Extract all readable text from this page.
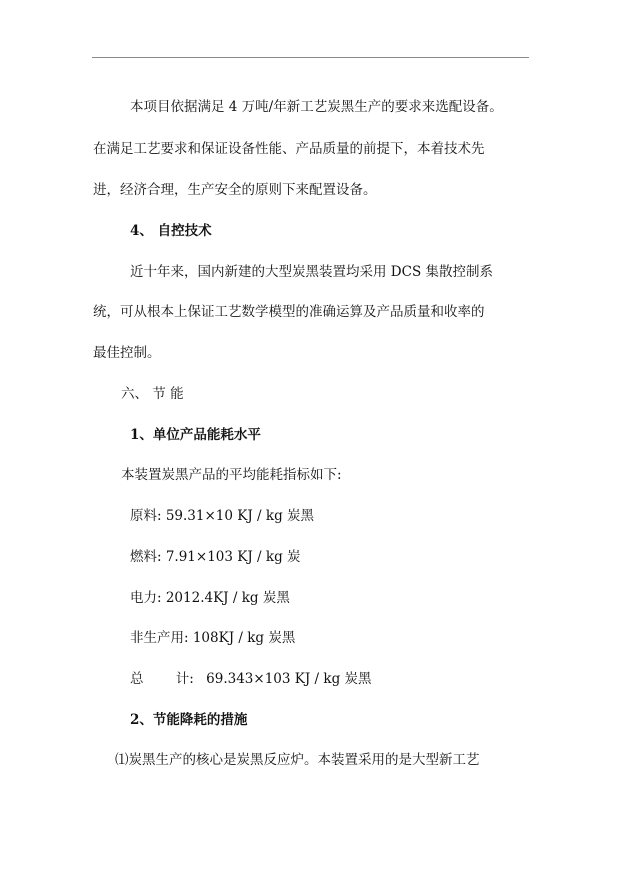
本项目依据满足 4 万吨/年新工艺炭黑生产的要求来选配设备。
在满足工艺要求和保证设备性能、产品质量的前提下，本着技术先
进，经济合理，生产安全的原则下来配置设备。
4、 自控技术
近十年来，国内新建的大型炭黑装置均采用 DCS 集散控制系
统，可从根本上保证工艺数学模型的准确运算及产品质量和收率的
最佳控制。
六、 节 能
1、单位产品能耗水平
本装置炭黑产品的平均能耗指标如下:
原料: 59.31×10 KJ / kg 炭黑
燃料: 7.91×103 KJ / kg 炭
电力: 2012.4KJ / kg 炭黑
非生产用: 108KJ / kg 炭黑
总 计: 69.343×103 KJ / kg 炭黑
2、节能降耗的措施
⑴炭黑生产的核心是炭黑反应炉。本装置采用的是大型新工艺
